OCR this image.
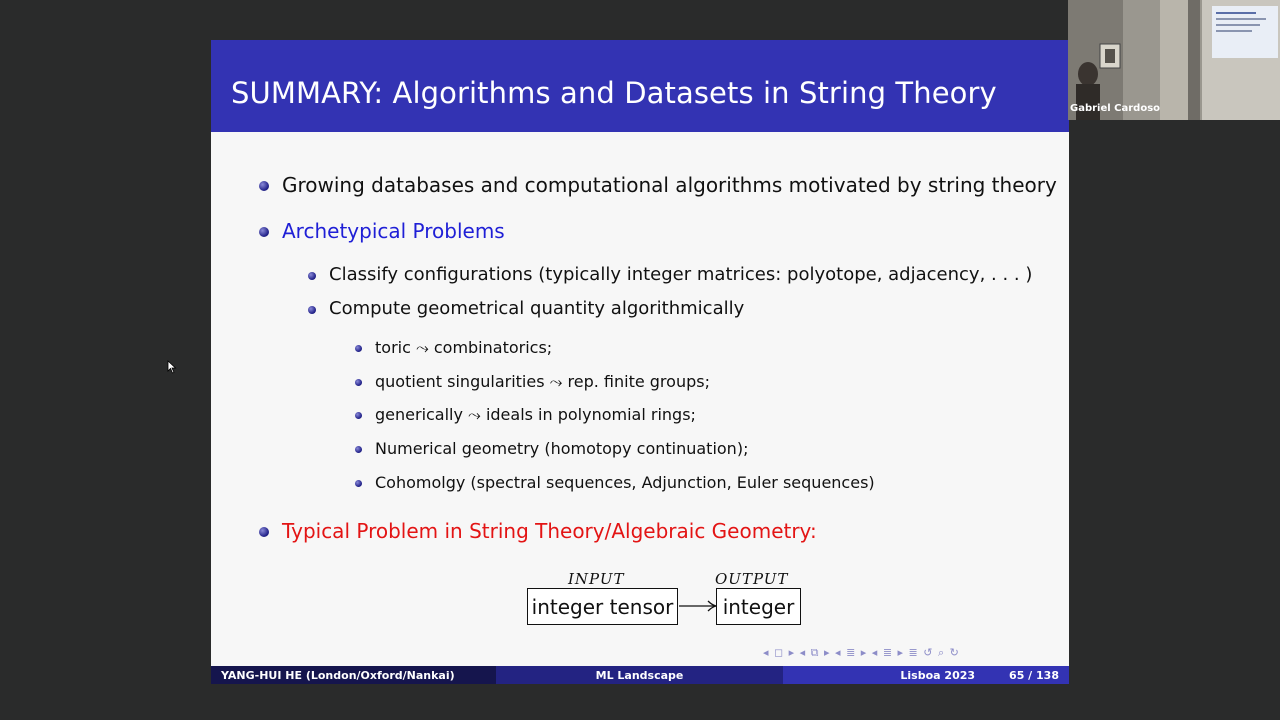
SUMMARY: Algorithms and Datasets in String Theory
Growing databases and computational algorithms motivated by string theory
Archetypical Problems
Classify configurations (typically integer matrices: polyotope, adjacency, . . . )
Compute geometrical quantity algorithmically
toric ⤳ combinatorics;
quotient singularities ⤳ rep. finite groups;
generically ⤳ ideals in polynomial rings;
Numerical geometry (homotopy continuation);
Cohomolgy (spectral sequences, Adjunction, Euler sequences)
Typical Problem in String Theory/Algebraic Geometry:
INPUT	OUTPUT
integer tensor	integer
◂ ◻ ▸ ◂ ⧉ ▸ ◂ ≣ ▸ ◂ ≣ ▸ ≣ ↺ ⌕ ↻
YANG-HUI HE (London/Oxford/Nankai)	ML Landscape	Lisboa 2023	65 / 138
Gabriel Cardoso
